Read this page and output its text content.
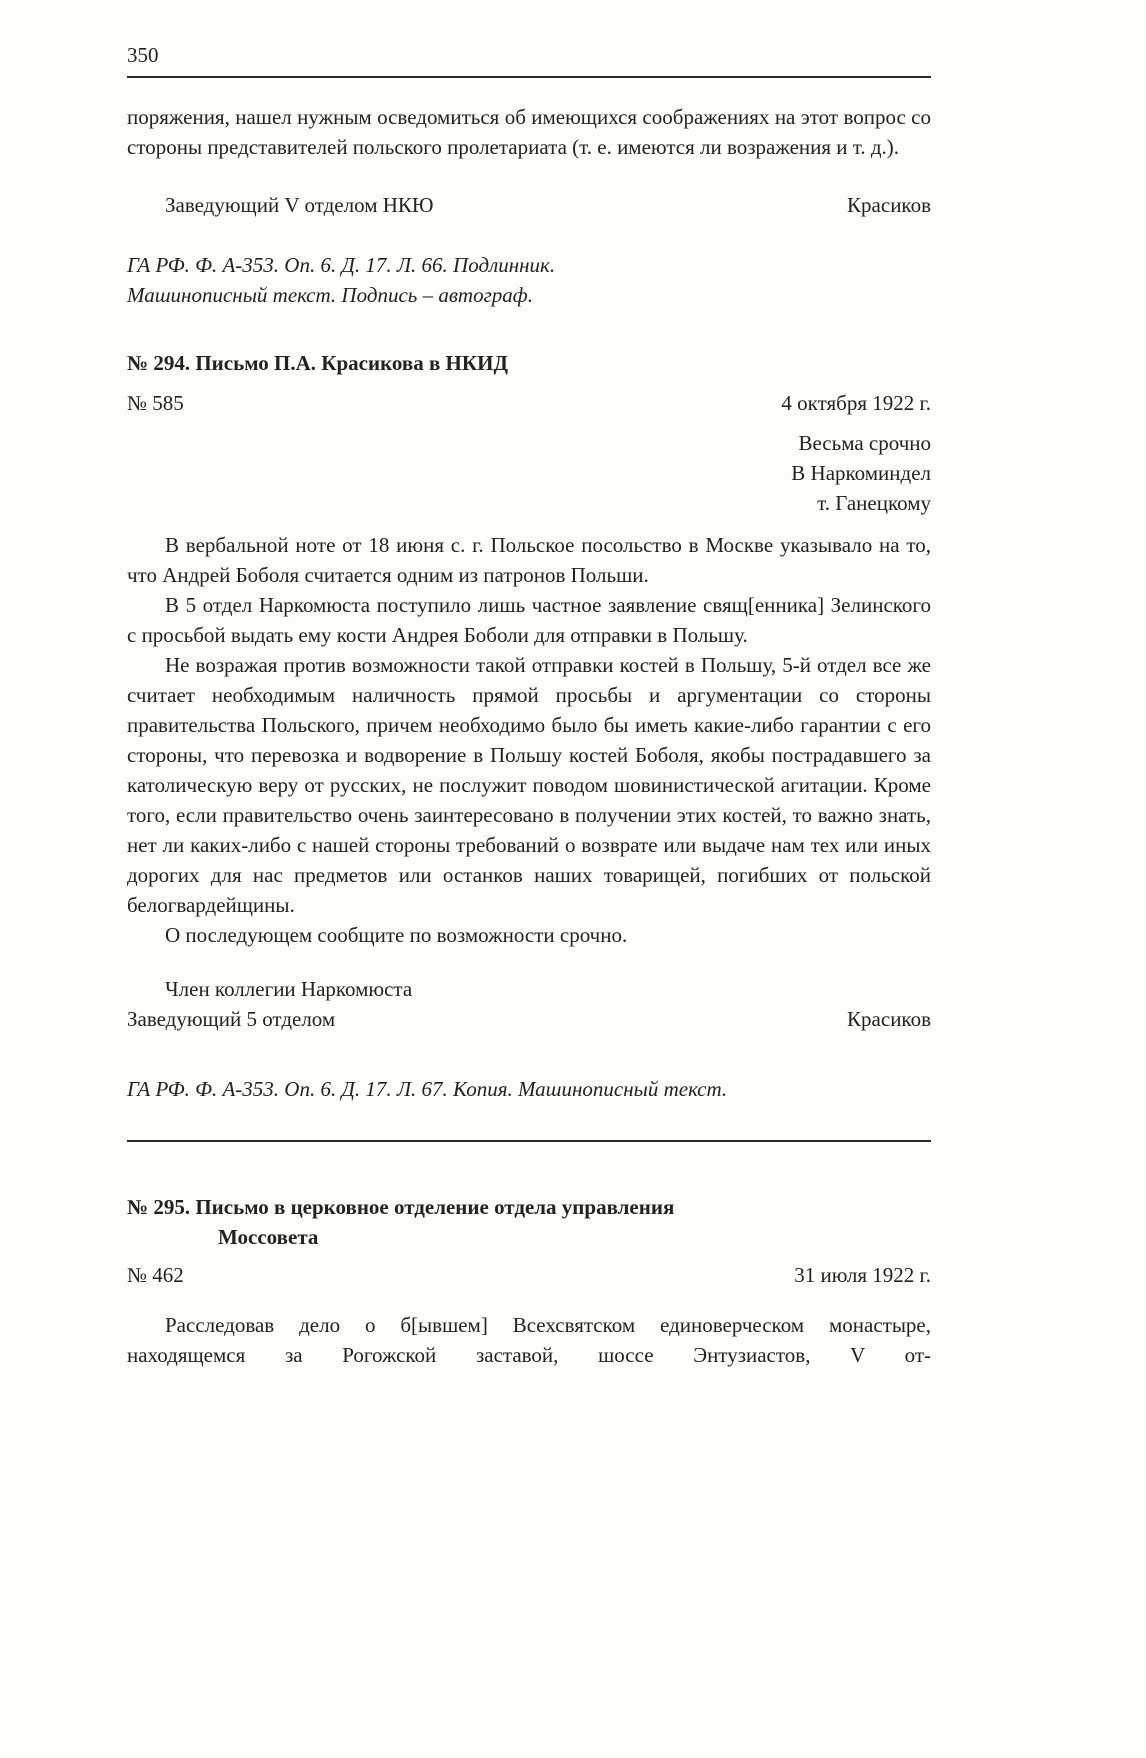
350

поряжения, нашел нужным осведомиться об имеющихся соображениях на этот вопрос со стороны представителей польского пролетариата (т. е. имеются ли возражения и т. д.).

Заведующий V отделом НКЮ	Красиков
ГА РФ. Ф. А-353. Оп. 6. Д. 17. Л. 66. Подлинник.
Машинописный текст. Подпись – автограф.
№ 294. Письмо П.А. Красикова в НКИД
№ 585	4 октября 1922 г.
Весьма срочно
В Наркоминдел
т. Ганецкому

В вербальной ноте от 18 июня с. г. Польское посольство в Москве указывало на то, что Андрей Боболя считается одним из патронов Польши.

В 5 отдел Наркомюста поступило лишь частное заявление свящ[енника] Зелинского с просьбой выдать ему кости Андрея Боболи для отправки в Польшу.

Не возражая против возможности такой отправки костей в Польшу, 5-й отдел все же считает необходимым наличность прямой просьбы и аргументации со стороны правительства Польского, причем необходимо было бы иметь какие-либо гарантии с его стороны, что перевозка и водворение в Польшу костей Боболя, якобы пострадавшего за католическую веру от русских, не послужит поводом шовинистической агитации. Кроме того, если правительство очень заинтересовано в получении этих костей, то важно знать, нет ли каких-либо с нашей стороны требований о возврате или выдаче нам тех или иных дорогих для нас предметов или останков наших товарищей, погибших от польской белогвардейщины.

О последующем сообщите по возможности срочно.

Член коллегии Наркомюста
Заведующий 5 отделом	Красиков
ГА РФ. Ф. А-353. Оп. 6. Д. 17. Л. 67. Копия. Машинописный текст.
№ 295. Письмо в церковное отделение отдела управления
Моссовета
№ 462	31 июля 1922 г.

Расследовав дело о б[ывшем] Всехсвятском единоверческом монастыре, находящемся за Рогожской заставой, шоссе Энтузиастов, V от-
